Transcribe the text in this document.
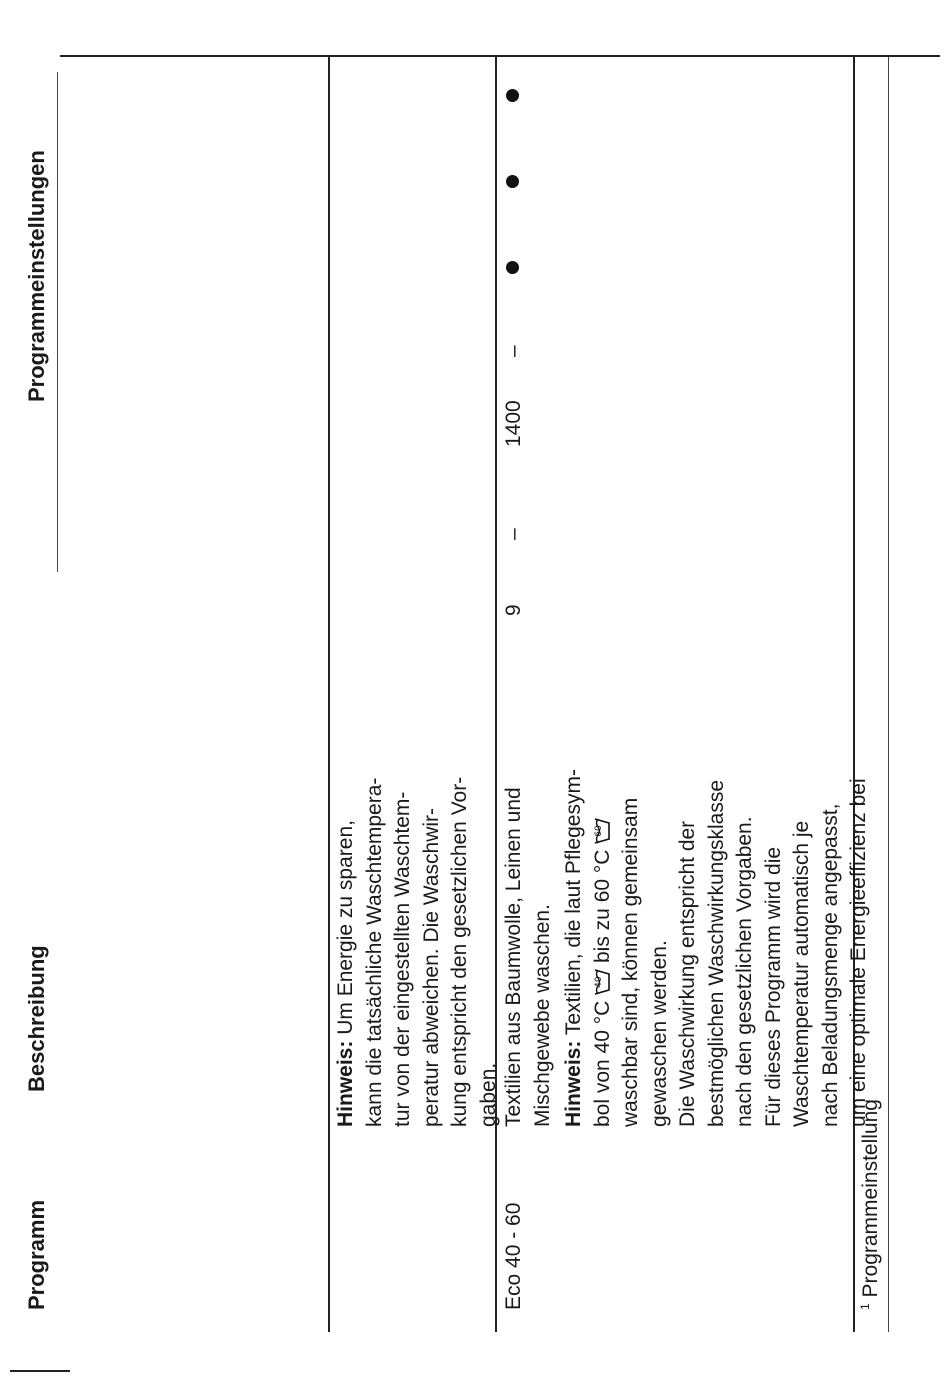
Programm
Beschreibung
Programmeinstellungen
Hinweis: Um Energie zu sparen, kann die tatsächliche Waschtempera- tur von der eingestellten Waschtem- peratur abweichen. Die Waschwir- kung entspricht den gesetzlichen Vor- gaben.
Eco 40 - 60
Textilien aus Baumwolle, Leinen und Mischgewebe waschen. Hinweis: Textilien, die laut Pflegesym-
bol von 40 °C
40
bis zu 60 °C
60 waschbar sind, können gemeinsam gewaschen werden. Die Waschwirkung entspricht der bestmöglichen Waschwirkungsklasse nach den gesetzlichen Vorgaben. Für dieses Programm wird die Waschtemperatur automatisch je nach Beladungsmenge angepasst, um eine optimale Energieeffizienz bei
9
–
1400
–
$^1$ Programmeinstellung
